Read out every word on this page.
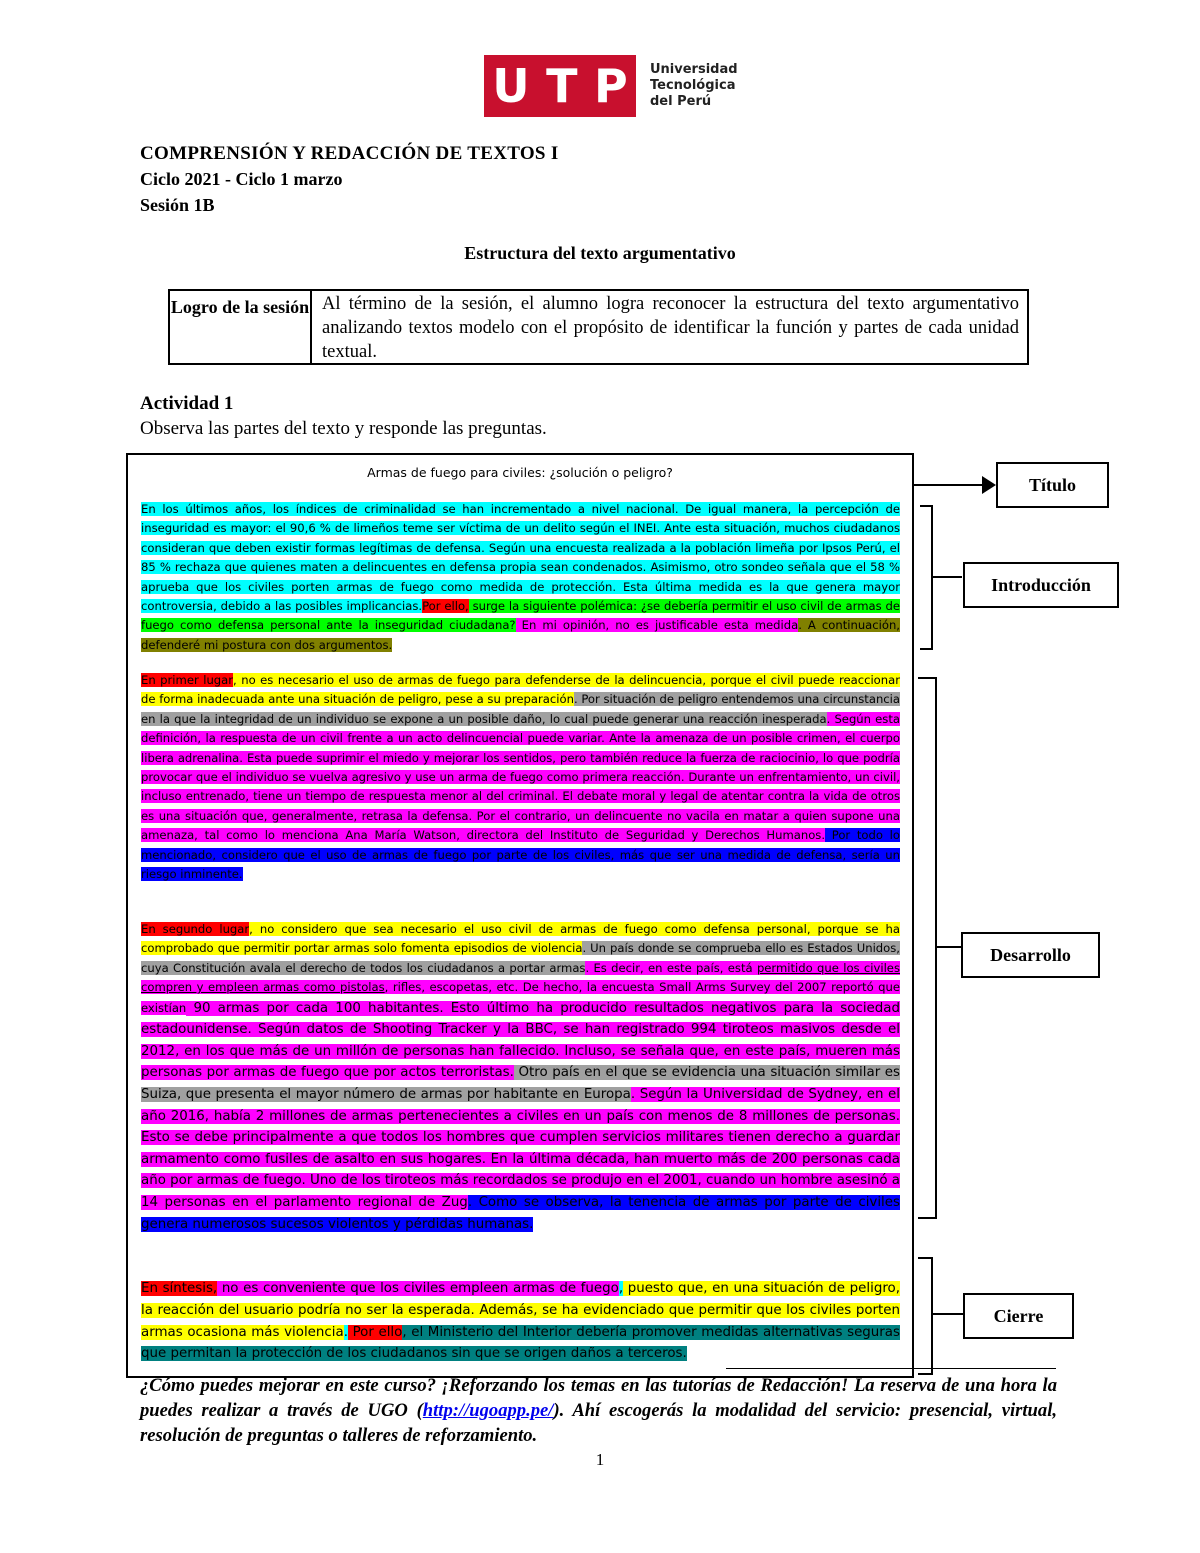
U T P Universidad
Tecnológica
del Perú
COMPRENSIÓN Y REDACCIÓN DE TEXTOS I
Ciclo 2021 - Ciclo 1 marzo
Sesión 1B
Estructura del texto argumentativo
Logro de la sesión Al término de la sesión, el alumno logra reconocer la estructura del texto argumentativo analizando textos modelo con el propósito de identificar la función y partes de cada unidad textual.
Actividad 1
Observa las partes del texto y responde las preguntas.
Armas de fuego para civiles: ¿solución o peligro?
En los últimos años, los índices de criminalidad se han incrementado a nivel nacional. De igual manera, la percepción de inseguridad es mayor: el 90,6 % de limeños teme ser víctima de un delito según el INEI. Ante esta situación, muchos ciudadanos consideran que deben existir formas legítimas de defensa. Según una encuesta realizada a la población limeña por Ipsos Perú, el 85 % rechaza que quienes maten a delincuentes en defensa propia sean condenados. Asimismo, otro sondeo señala que el 58 % aprueba que los civiles porten armas de fuego como medida de protección. Esta última medida es la que genera mayor controversia, debido a las posibles implicancias.Por ello, surge la siguiente polémica: ¿se debería permitir el uso civil de armas de fuego como defensa personal ante la inseguridad ciudadana? En mi opinión, no es justificable esta medida. A continuación, defenderé mi postura con dos argumentos.
En primer lugar, no es necesario el uso de armas de fuego para defenderse de la delincuencia, porque el civil puede reaccionar de forma inadecuada ante una situación de peligro, pese a su preparación. Por situación de peligro entendemos una circunstancia en la que la integridad de un individuo se expone a un posible daño, lo cual puede generar una reacción inesperada. Según esta definición, la respuesta de un civil frente a un acto delincuencial puede variar. Ante la amenaza de un posible crimen, el cuerpo libera adrenalina. Esta puede suprimir el miedo y mejorar los sentidos, pero también reduce la fuerza de raciocinio, lo que podría provocar que el individuo se vuelva agresivo y use un arma de fuego como primera reacción. Durante un enfrentamiento, un civil, incluso entrenado, tiene un tiempo de respuesta menor al del criminal. El debate moral y legal de atentar contra la vida de otros es una situación que, generalmente, retrasa la defensa. Por el contrario, un delincuente no vacila en matar a quien supone una amenaza, tal como lo menciona Ana María Watson, directora del Instituto de Seguridad y Derechos Humanos. Por todo lo mencionado, considero que el uso de armas de fuego por parte de los civiles, más que ser una medida de defensa, sería un riesgo inminente.
En segundo lugar, no considero que sea necesario el uso civil de armas de fuego como defensa personal, porque se ha comprobado que permitir portar armas solo fomenta episodios de violencia. Un país donde se comprueba ello es Estados Unidos, cuya Constitución avala el derecho de todos los ciudadanos a portar armas. Es decir, en este país, está permitido que los civiles compren y empleen armas como pistolas, rifles, escopetas, etc. De hecho, la encuesta Small Arms Survey del 2007 reportó que existían 90 armas por cada 100 habitantes. Esto último ha producido resultados negativos para la sociedad estadounidense. Según datos de Shooting Tracker y la BBC, se han registrado 994 tiroteos masivos desde el 2012, en los que más de un millón de personas han fallecido. Incluso, se señala que, en este país, mueren más personas por armas de fuego que por actos terroristas. Otro país en el que se evidencia una situación similar es Suiza, que presenta el mayor número de armas por habitante en Europa. Según la Universidad de Sydney, en el año 2016, había 2 millones de armas pertenecientes a civiles en un país con menos de 8 millones de personas. Esto se debe principalmente a que todos los hombres que cumplen servicios militares tienen derecho a guardar armamento como fusiles de asalto en sus hogares. En la última década, han muerto más de 200 personas cada año por armas de fuego. Uno de los tiroteos más recordados se produjo en el 2001, cuando un hombre asesinó a 14 personas en el parlamento regional de Zug. Como se observa, la tenencia de armas por parte de civiles genera numerosos sucesos violentos y pérdidas humanas.
En síntesis, no es conveniente que los civiles empleen armas de fuego, puesto que, en una situación de peligro, la reacción del usuario podría no ser la esperada. Además, se ha evidenciado que permitir que los civiles porten armas ocasiona más violencia. Por ello, el Ministerio del Interior debería promover medidas alternativas seguras que permitan la protección de los ciudadanos sin que se origen daños a terceros.
Título
Introducción
Desarrollo
Cierre
¿Cómo puedes mejorar en este curso? ¡Reforzando los temas en las tutorías de Redacción! La reserva de una hora la puedes realizar a través de UGO (http://ugoapp.pe/). Ahí escogerás la modalidad del servicio: presencial, virtual, resolución de preguntas o talleres de reforzamiento.
1
